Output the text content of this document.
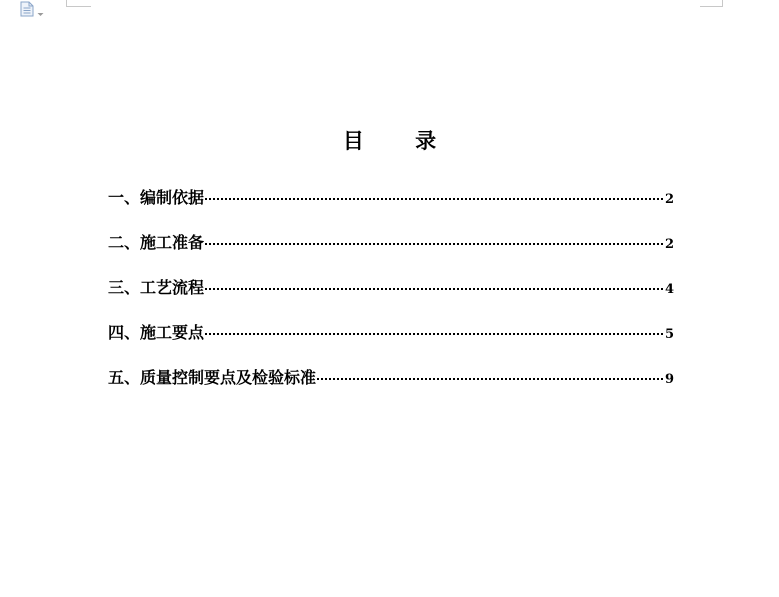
目 录
一、编制依据	2
二、施工准备	2
三、工艺流程	4
四、施工要点	5
五、质量控制要点及检验标准	9
